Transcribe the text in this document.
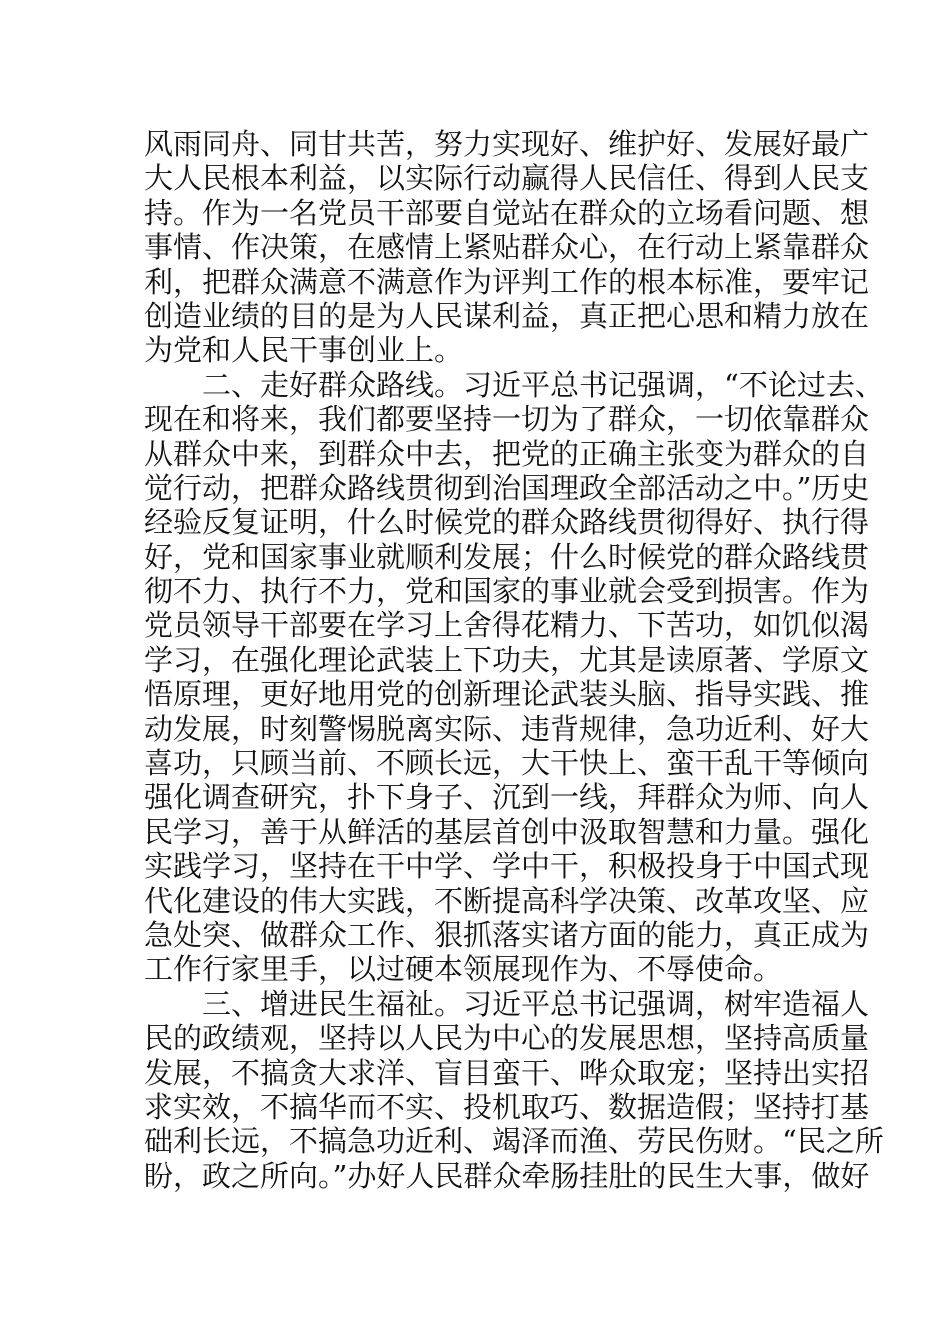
风雨同舟、同甘共苦，努力实现好、维护好、发展好最广
大人民根本利益，以实际行动赢得人民信任、得到人民支
持。作为一名党员干部要自觉站在群众的立场看问题、想
事情、作决策，在感情上紧贴群众心，在行动上紧靠群众
利，把群众满意不满意作为评判工作的根本标准，要牢记
创造业绩的目的是为人民谋利益，真正把心思和精力放在
为党和人民干事创业上。
二、走好群众路线。习近平总书记强调，“不论过去、
现在和将来，我们都要坚持一切为了群众，一切依靠群众
从群众中来，到群众中去，把党的正确主张变为群众的自
觉行动，把群众路线贯彻到治国理政全部活动之中。”历史
经验反复证明，什么时候党的群众路线贯彻得好、执行得
好，党和国家事业就顺利发展；什么时候党的群众路线贯
彻不力、执行不力，党和国家的事业就会受到损害。作为
党员领导干部要在学习上舍得花精力、下苦功，如饥似渴
学习，在强化理论武装上下功夫，尤其是读原著、学原文
悟原理，更好地用党的创新理论武装头脑、指导实践、推
动发展，时刻警惕脱离实际、违背规律，急功近利、好大
喜功，只顾当前、不顾长远，大干快上、蛮干乱干等倾向
强化调查研究，扑下身子、沉到一线，拜群众为师、向人
民学习，善于从鲜活的基层首创中汲取智慧和力量。强化
实践学习，坚持在干中学、学中干，积极投身于中国式现
代化建设的伟大实践，不断提高科学决策、改革攻坚、应
急处突、做群众工作、狠抓落实诸方面的能力，真正成为
工作行家里手，以过硬本领展现作为、不辱使命。
三、增进民生福祉。习近平总书记强调，树牢造福人
民的政绩观，坚持以人民为中心的发展思想，坚持高质量
发展，不搞贪大求洋、盲目蛮干、哗众取宠；坚持出实招
求实效，不搞华而不实、投机取巧、数据造假；坚持打基
础利长远，不搞急功近利、竭泽而渔、劳民伤财。“民之所
盼，政之所向。”办好人民群众牵肠挂肚的民生大事，做好
